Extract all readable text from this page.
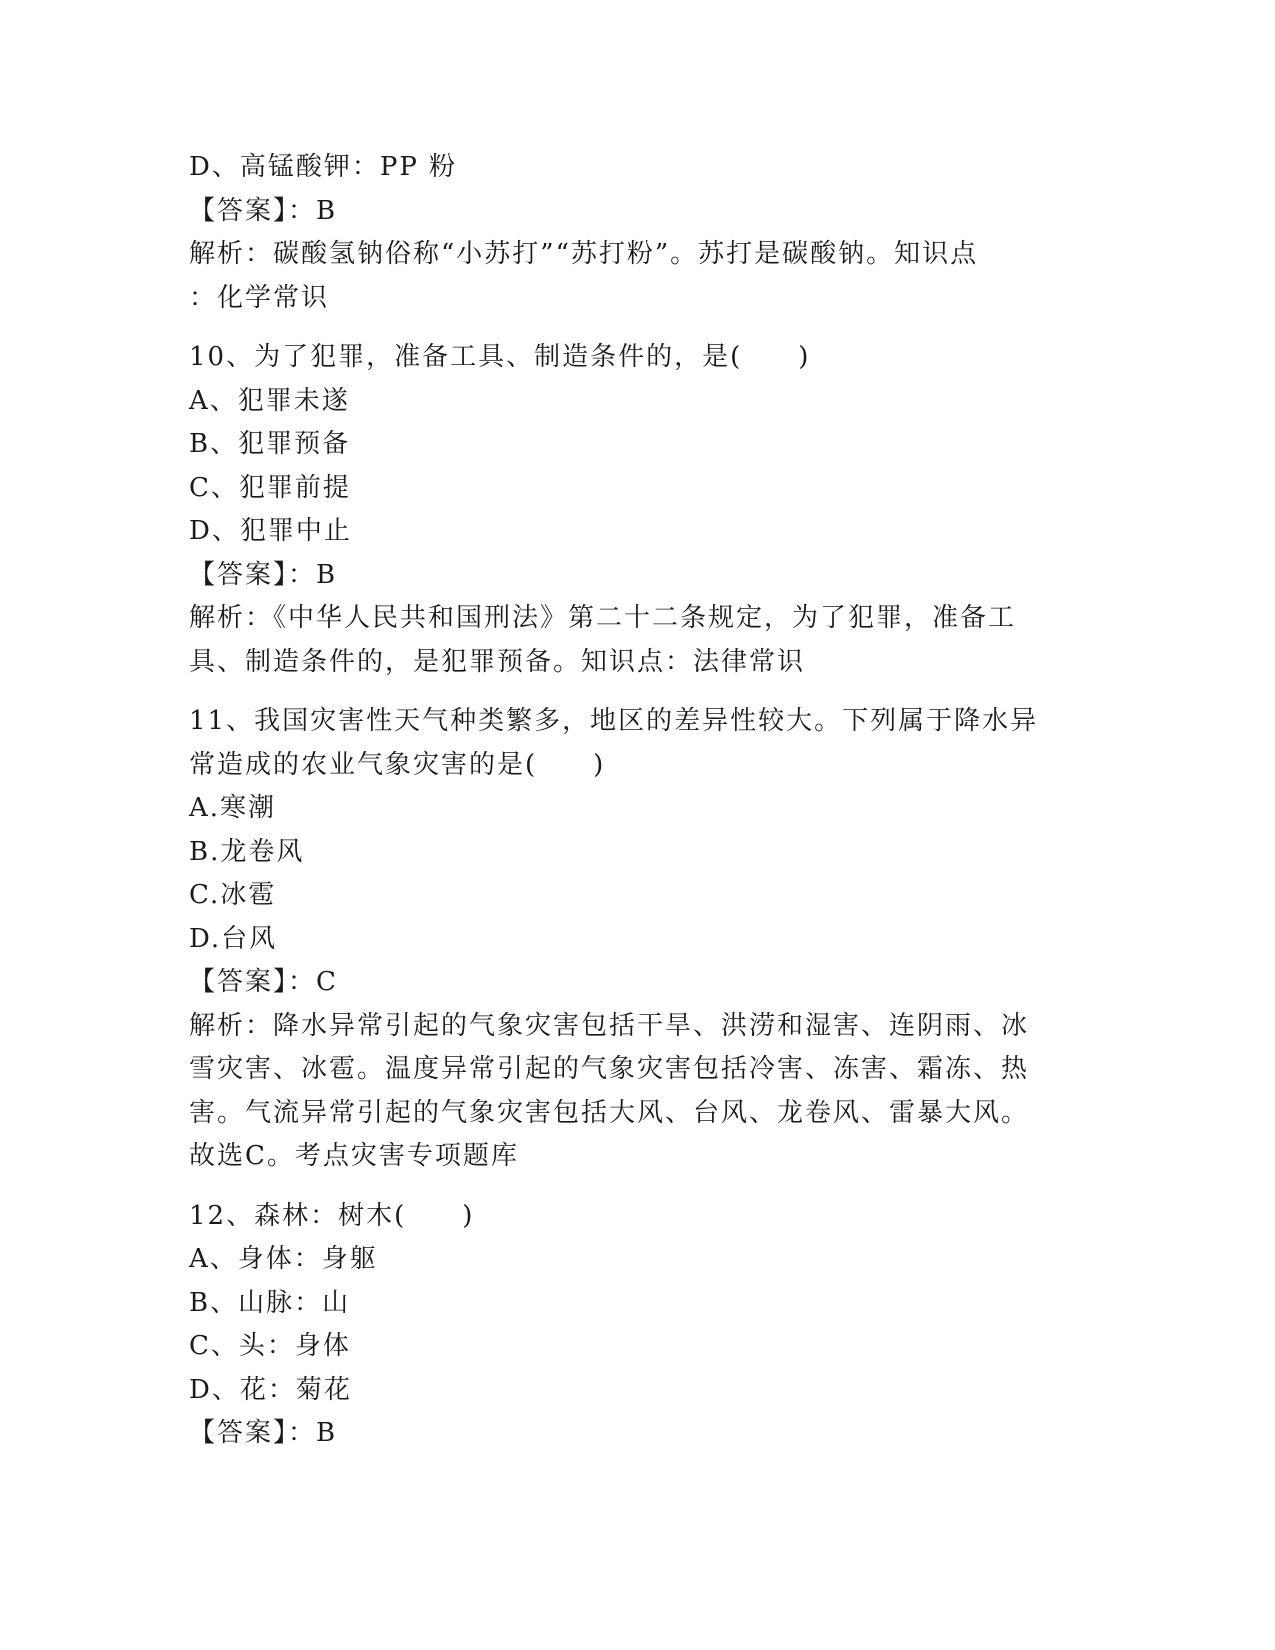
D、高锰酸钾：PP 粉
【答案】：B
解析：碳酸氢钠俗称“小苏打”“苏打粉”。苏打是碳酸钠。知识点
：化学常识
10、为了犯罪，准备工具、制造条件的，是(　　)
A、犯罪未遂
B、犯罪预备
C、犯罪前提
D、犯罪中止
【答案】：B
解析：《中华人民共和国刑法》第二十二条规定，为了犯罪，准备工
具、制造条件的，是犯罪预备。知识点：法律常识
11、我国灾害性天气种类繁多，地区的差异性较大。下列属于降水异
常造成的农业气象灾害的是(　　)
A.寒潮
B.龙卷风
C.冰雹
D.台风
【答案】：C
解析：降水异常引起的气象灾害包括干旱、洪涝和湿害、连阴雨、冰
雪灾害、冰雹。温度异常引起的气象灾害包括冷害、冻害、霜冻、热
害。气流异常引起的气象灾害包括大风、台风、龙卷风、雷暴大风。
故选C。考点灾害专项题库
12、森林：树木(　　)
A、身体：身躯
B、山脉：山
C、头：身体
D、花：菊花
【答案】：B
